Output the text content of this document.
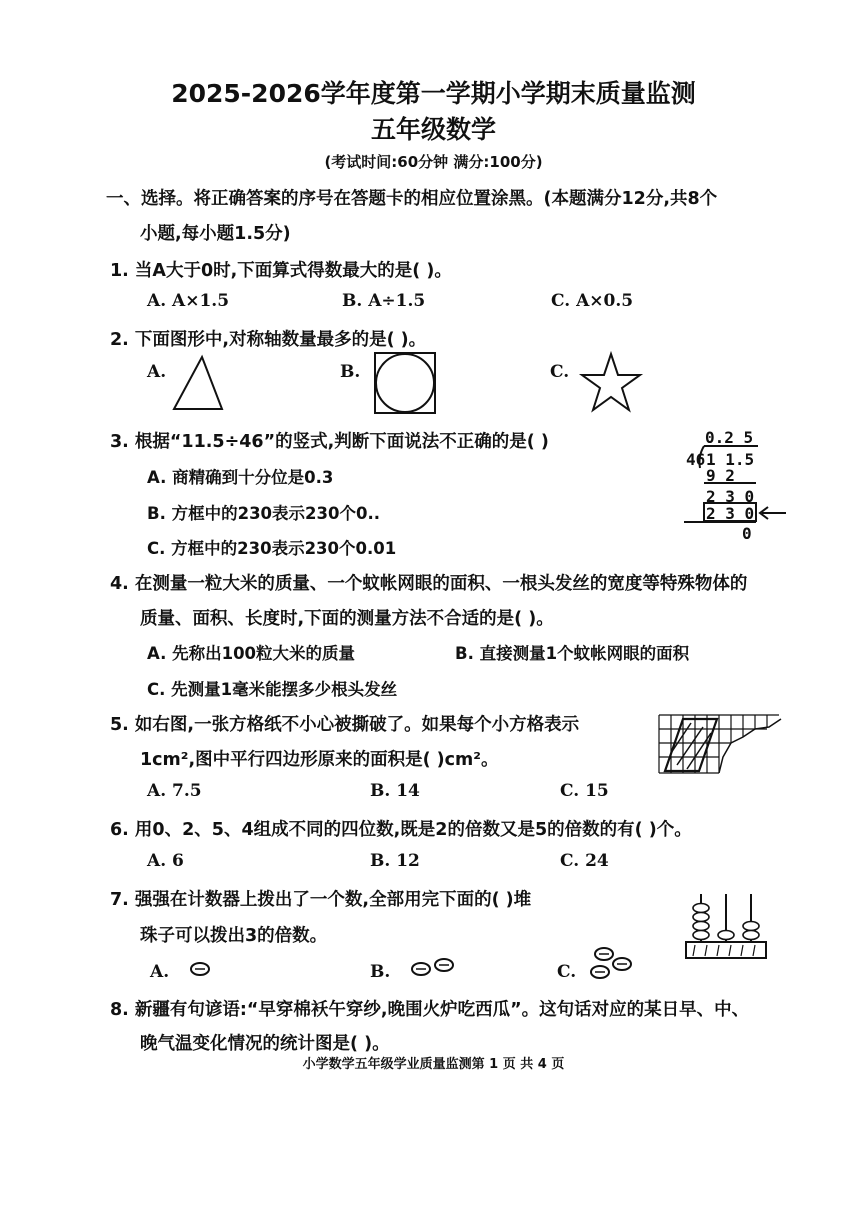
2025-2026学年度第一学期小学期末质量监测
五年级数学
(考试时间:60分钟 满分:100分)
一、选择。将正确答案的序号在答题卡的相应位置涂黑。(本题满分12分,共8个
小题,每小题1.5分)
1. 当A大于0时,下面算式得数最大的是( )。
A. A×1.5	B. A÷1.5	C. A×0.5
2. 下面图形中,对称轴数量最多的是( )。
A.	B.	C.
3. 根据“11.5÷46”的竖式,判断下面说法不正确的是( )
A. 商精确到十分位是0.3
B. 方框中的230表示230个0..
C. 方框中的230表示230个0.01
0.2 5
46 1 1.5
9 2
2 3 0
2 3 0
0
4. 在测量一粒大米的质量、一个蚊帐网眼的面积、一根头发丝的宽度等特殊物体的
质量、面积、长度时,下面的测量方法不合适的是( )。
A. 先称出100粒大米的质量	B. 直接测量1个蚊帐网眼的面积
C. 先测量1毫米能摆多少根头发丝
5. 如右图,一张方格纸不小心被撕破了。如果每个小方格表示
1cm²,图中平行四边形原来的面积是( )cm²。
A. 7.5	B. 14	C. 15
6. 用0、2、5、4组成不同的四位数,既是2的倍数又是5的倍数的有( )个。
A. 6	B. 12	C. 24
7. 强强在计数器上拨出了一个数,全部用完下面的( )堆
珠子可以拨出3的倍数。
A.	B.	C.
8. 新疆有句谚语:“早穿棉袄午穿纱,晚围火炉吃西瓜”。这句话对应的某日早、中、
晚气温变化情况的统计图是( )。
小学数学五年级学业质量监测第 1 页 共 4 页
